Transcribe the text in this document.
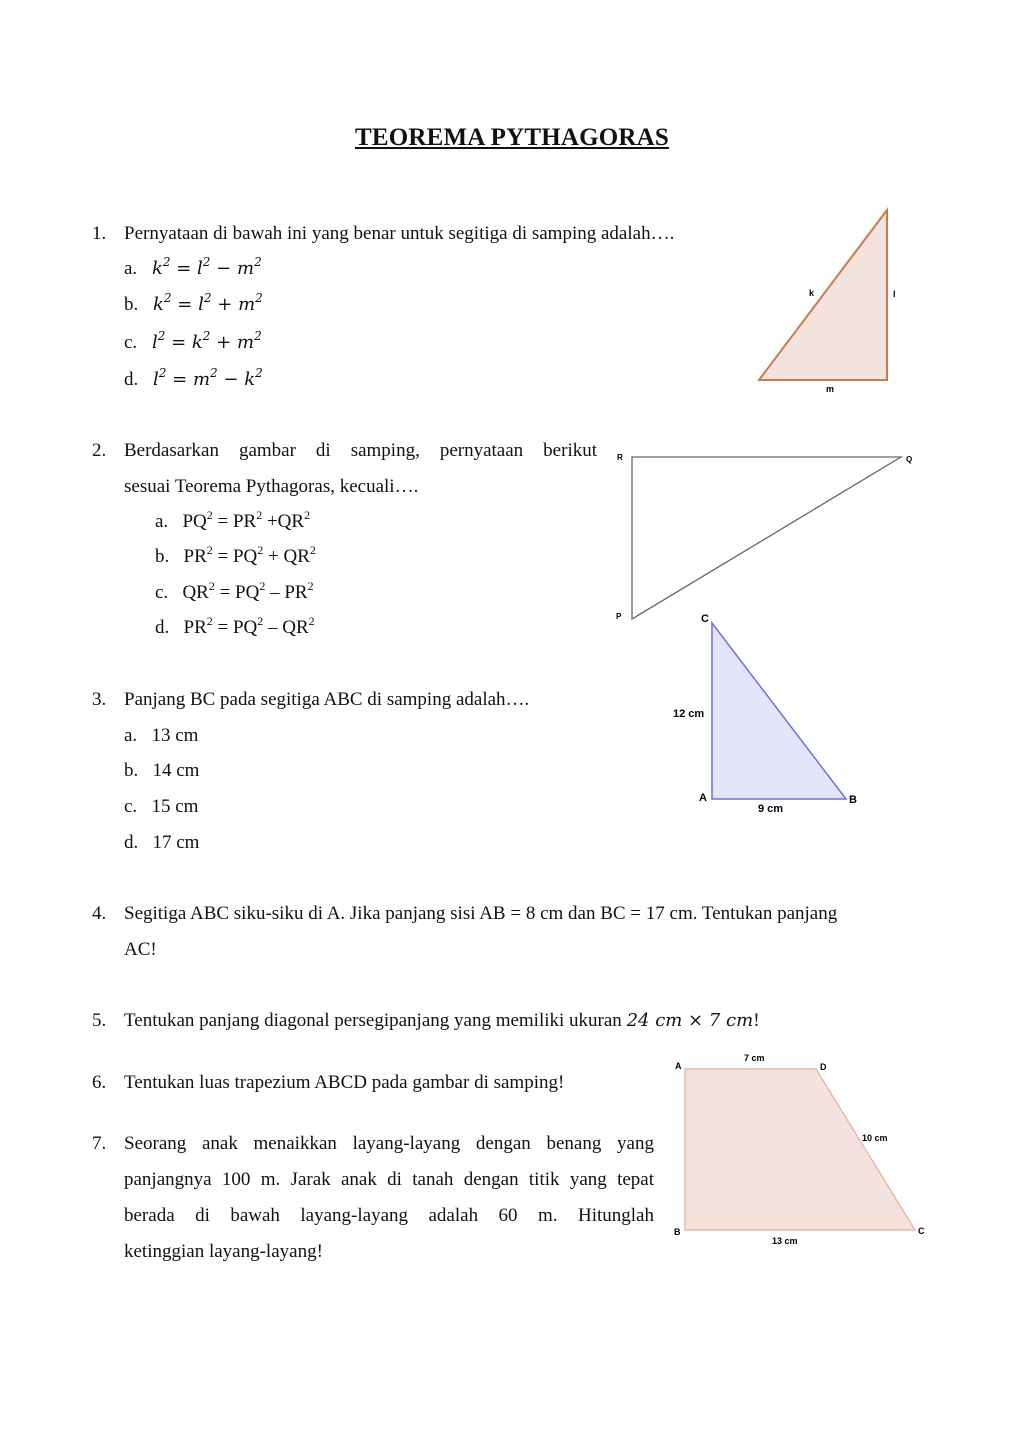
TEOREMA PYTHAGORAS
1. Pernyataan di bawah ini yang benar untuk segitiga di samping adalah….
a. $k^2 = l^2 - m^2$
b. $k^2 = l^2 + m^2$
c. $l^2 = k^2 + m^2$
d. $l^2 = m^2 - k^2$
k	l
m
2. Berdasarkan gambar di samping, pernyataan berikut
sesuai Teorema Pythagoras, kecuali….
a. $PQ^2 = PR^2 +QR^2$
b. $PR^2 = PQ^2 + QR^2$
c. $QR^2 = PQ^2 - PR^2$
d. $PR^2 = PQ^2 - QR^2$
R	Q
P
3. Panjang BC pada segitiga ABC di samping adalah….
a. 13 cm
b. 14 cm
c. 15 cm
d. 17 cm
C
A	B
12 cm
9 cm
4. Segitiga ABC siku-siku di A. Jika panjang sisi AB = 8 cm dan BC = 17 cm. Tentukan panjang
AC!
5. Tentukan panjang diagonal persegipanjang yang memiliki ukuran 24 cm × 7 cm!
6. Tentukan luas trapezium ABCD pada gambar di samping!
A	D
B	C
7 cm
10 cm
13 cm
7. Seorang anak menaikkan layang-layang dengan benang yang
panjangnya 100 m. Jarak anak di tanah dengan titik yang tepat
berada di bawah layang-layang adalah 60 m. Hitunglah
ketinggian layang-layang!
